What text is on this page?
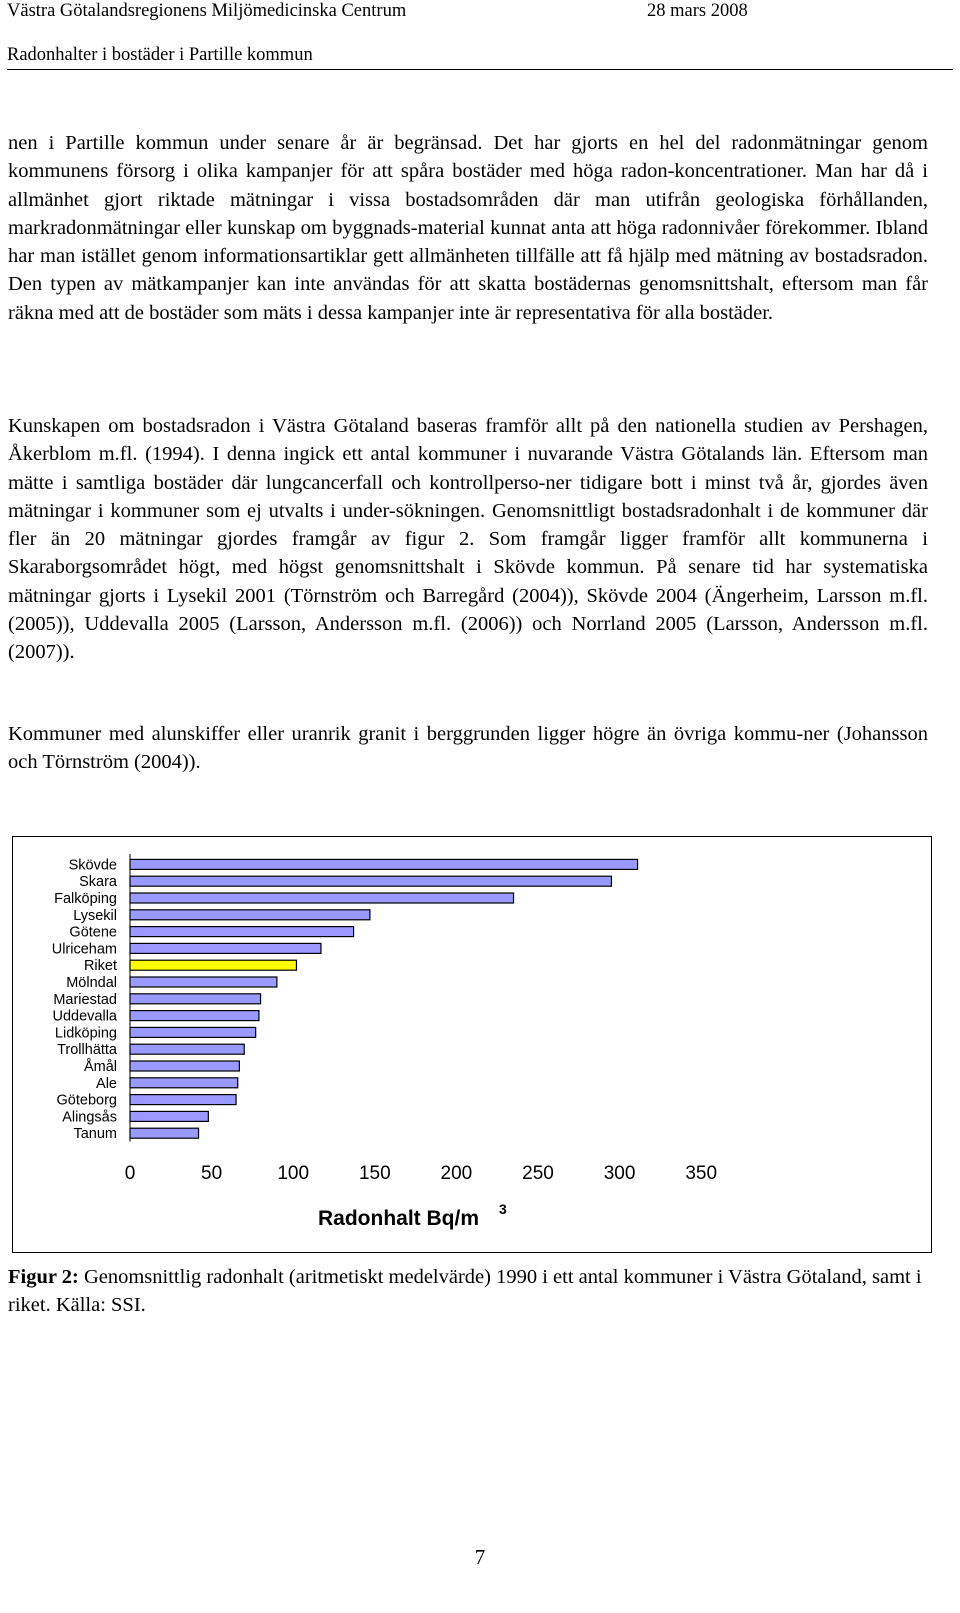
Västra Götalandsregionens Miljömedicinska Centrum	28 mars 2008
Radonhalter i bostäder i Partille kommun

nen i Partille kommun under senare år är begränsad. Det har gjorts en hel del radonmätningar genom kommunens försorg i olika kampanjer för att spåra bostäder med höga radon-koncentrationer. Man har då i allmänhet gjort riktade mätningar i vissa bostadsområden där man utifrån geologiska förhållanden, markradonmätningar eller kunskap om byggnads-material kunnat anta att höga radonnivåer förekommer. Ibland har man istället genom informationsartiklar gett allmänheten tillfälle att få hjälp med mätning av bostadsradon. Den typen av mätkampanjer kan inte användas för att skatta bostädernas genomsnittshalt, eftersom man får räkna med att de bostäder som mäts i dessa kampanjer inte är representativa för alla bostäder.

Kunskapen om bostadsradon i Västra Götaland baseras framför allt på den nationella studien av Pershagen, Åkerblom m.fl. (1994). I denna ingick ett antal kommuner i nuvarande Västra Götalands län. Eftersom man mätte i samtliga bostäder där lungcancerfall och kontrollperso-ner tidigare bott i minst två år, gjordes även mätningar i kommuner som ej utvalts i under-sökningen. Genomsnittligt bostadsradonhalt i de kommuner där fler än 20 mätningar gjordes framgår av figur 2. Som framgår ligger framför allt kommunerna i Skaraborgsområdet högt, med högst genomsnittshalt i Skövde kommun. På senare tid har systematiska mätningar gjorts i Lysekil 2001 (Törnström och Barregård (2004)), Skövde 2004 (Ängerheim, Larsson m.fl. (2005)), Uddevalla 2005 (Larsson, Andersson m.fl. (2006)) och Norrland 2005 (Larsson, Andersson m.fl. (2007)).

Kommuner med alunskiffer eller uranrik granit i berggrunden ligger högre än övriga kommu-ner (Johansson och Törnström (2004)).

Skövde
Skara
Falköping
Lysekil
Götene
Ulriceham
Riket
Mölndal
Mariestad
Uddevalla
Lidköping
Trollhätta
Åmål
Ale
Göteborg
Alingsås
Tanum
0	50	100	150	200	250	300	350
Radonhalt Bq/m 3

Figur 2: Genomsnittlig radonhalt (aritmetiskt medelvärde) 1990 i ett antal kommuner i Västra Götaland, samt i riket. Källa: SSI.

7
